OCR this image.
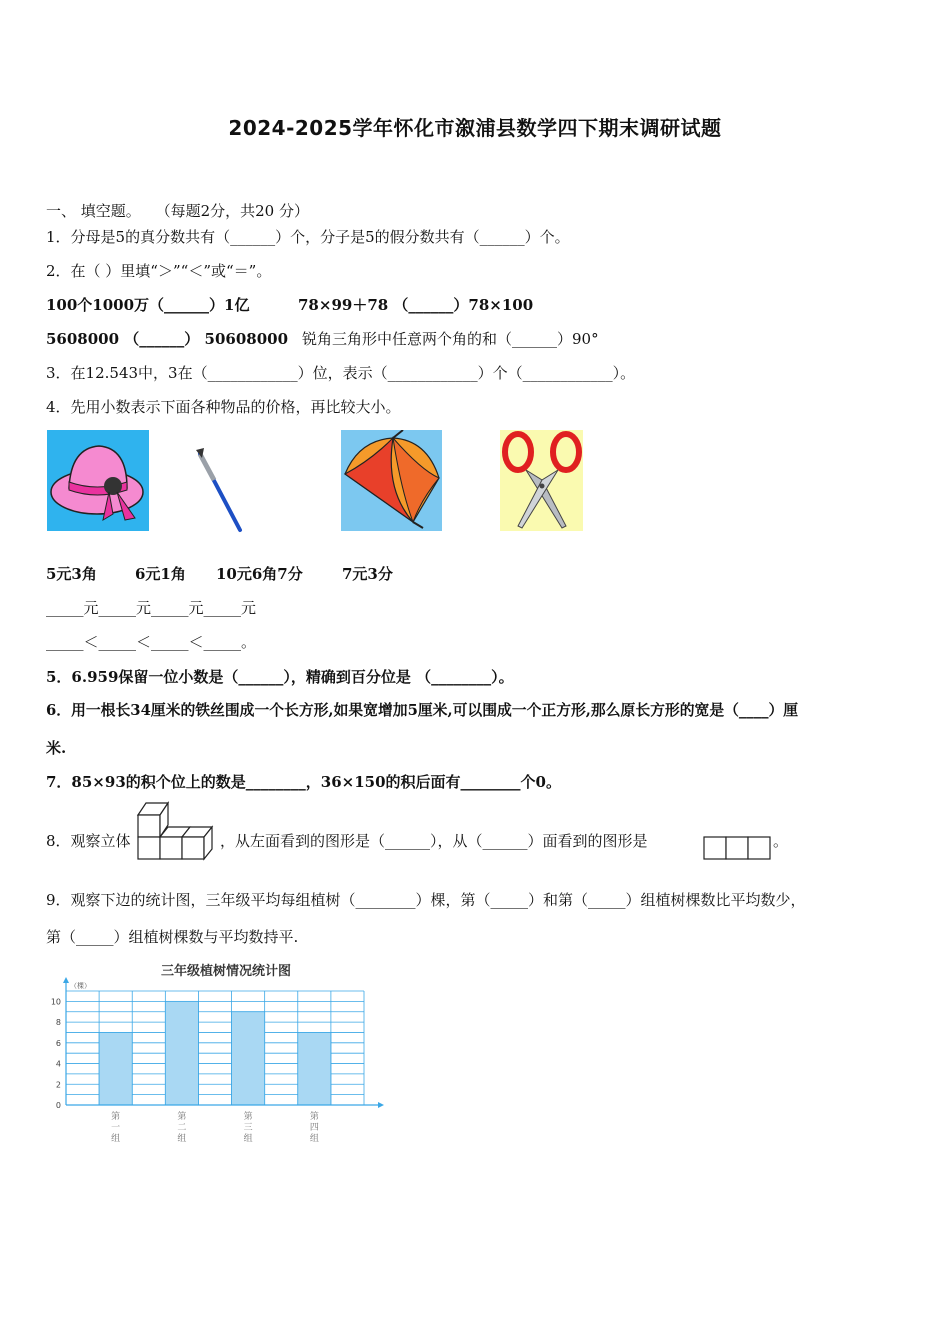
2024-2025学年怀化市溆浦县数学四下期末调研试题
一、 填空题。 （每题2分，共20 分）
1．分母是5的真分数共有（______）个，分子是5的假分数共有（______）个。
2．在（ ）里填“＞”“＜”或“＝”。
100个1000万（______）1亿	78×99＋78 （______）78×100
5608000 （______） 50608000 锐角三角形中任意两个角的和（______）90°
3．在12.543中，3在（____________）位，表示（____________）个（____________）。
4．先用小数表示下面各种物品的价格，再比较大小。
5元3角	6元1角 10元6角7分	7元3分
_____元_____元_____元_____元
_____＜_____＜_____＜_____。
5．6.959保留一位小数是（______），精确到百分位是 （________）。
6．用一根长34厘米的铁丝围成一个长方形,如果宽增加5厘米,可以围成一个正方形,那么原长方形的宽是（____）厘
米.
7．85×93的积个位上的数是________，36×150的积后面有________个0。
8．观察立体	，从左面看到的图形是（______），从（______）面看到的图形是	。
9．观察下边的统计图，三年级平均每组植树（________）棵，第（_____）和第（_____）组植树棵数比平均数少，
第（_____）组植树棵数与平均数持平.
三年级植树情况统计图
（棵）
0
2
4
6
8
10
第
一
组
第
二
组
第
三
组
第
四
组
